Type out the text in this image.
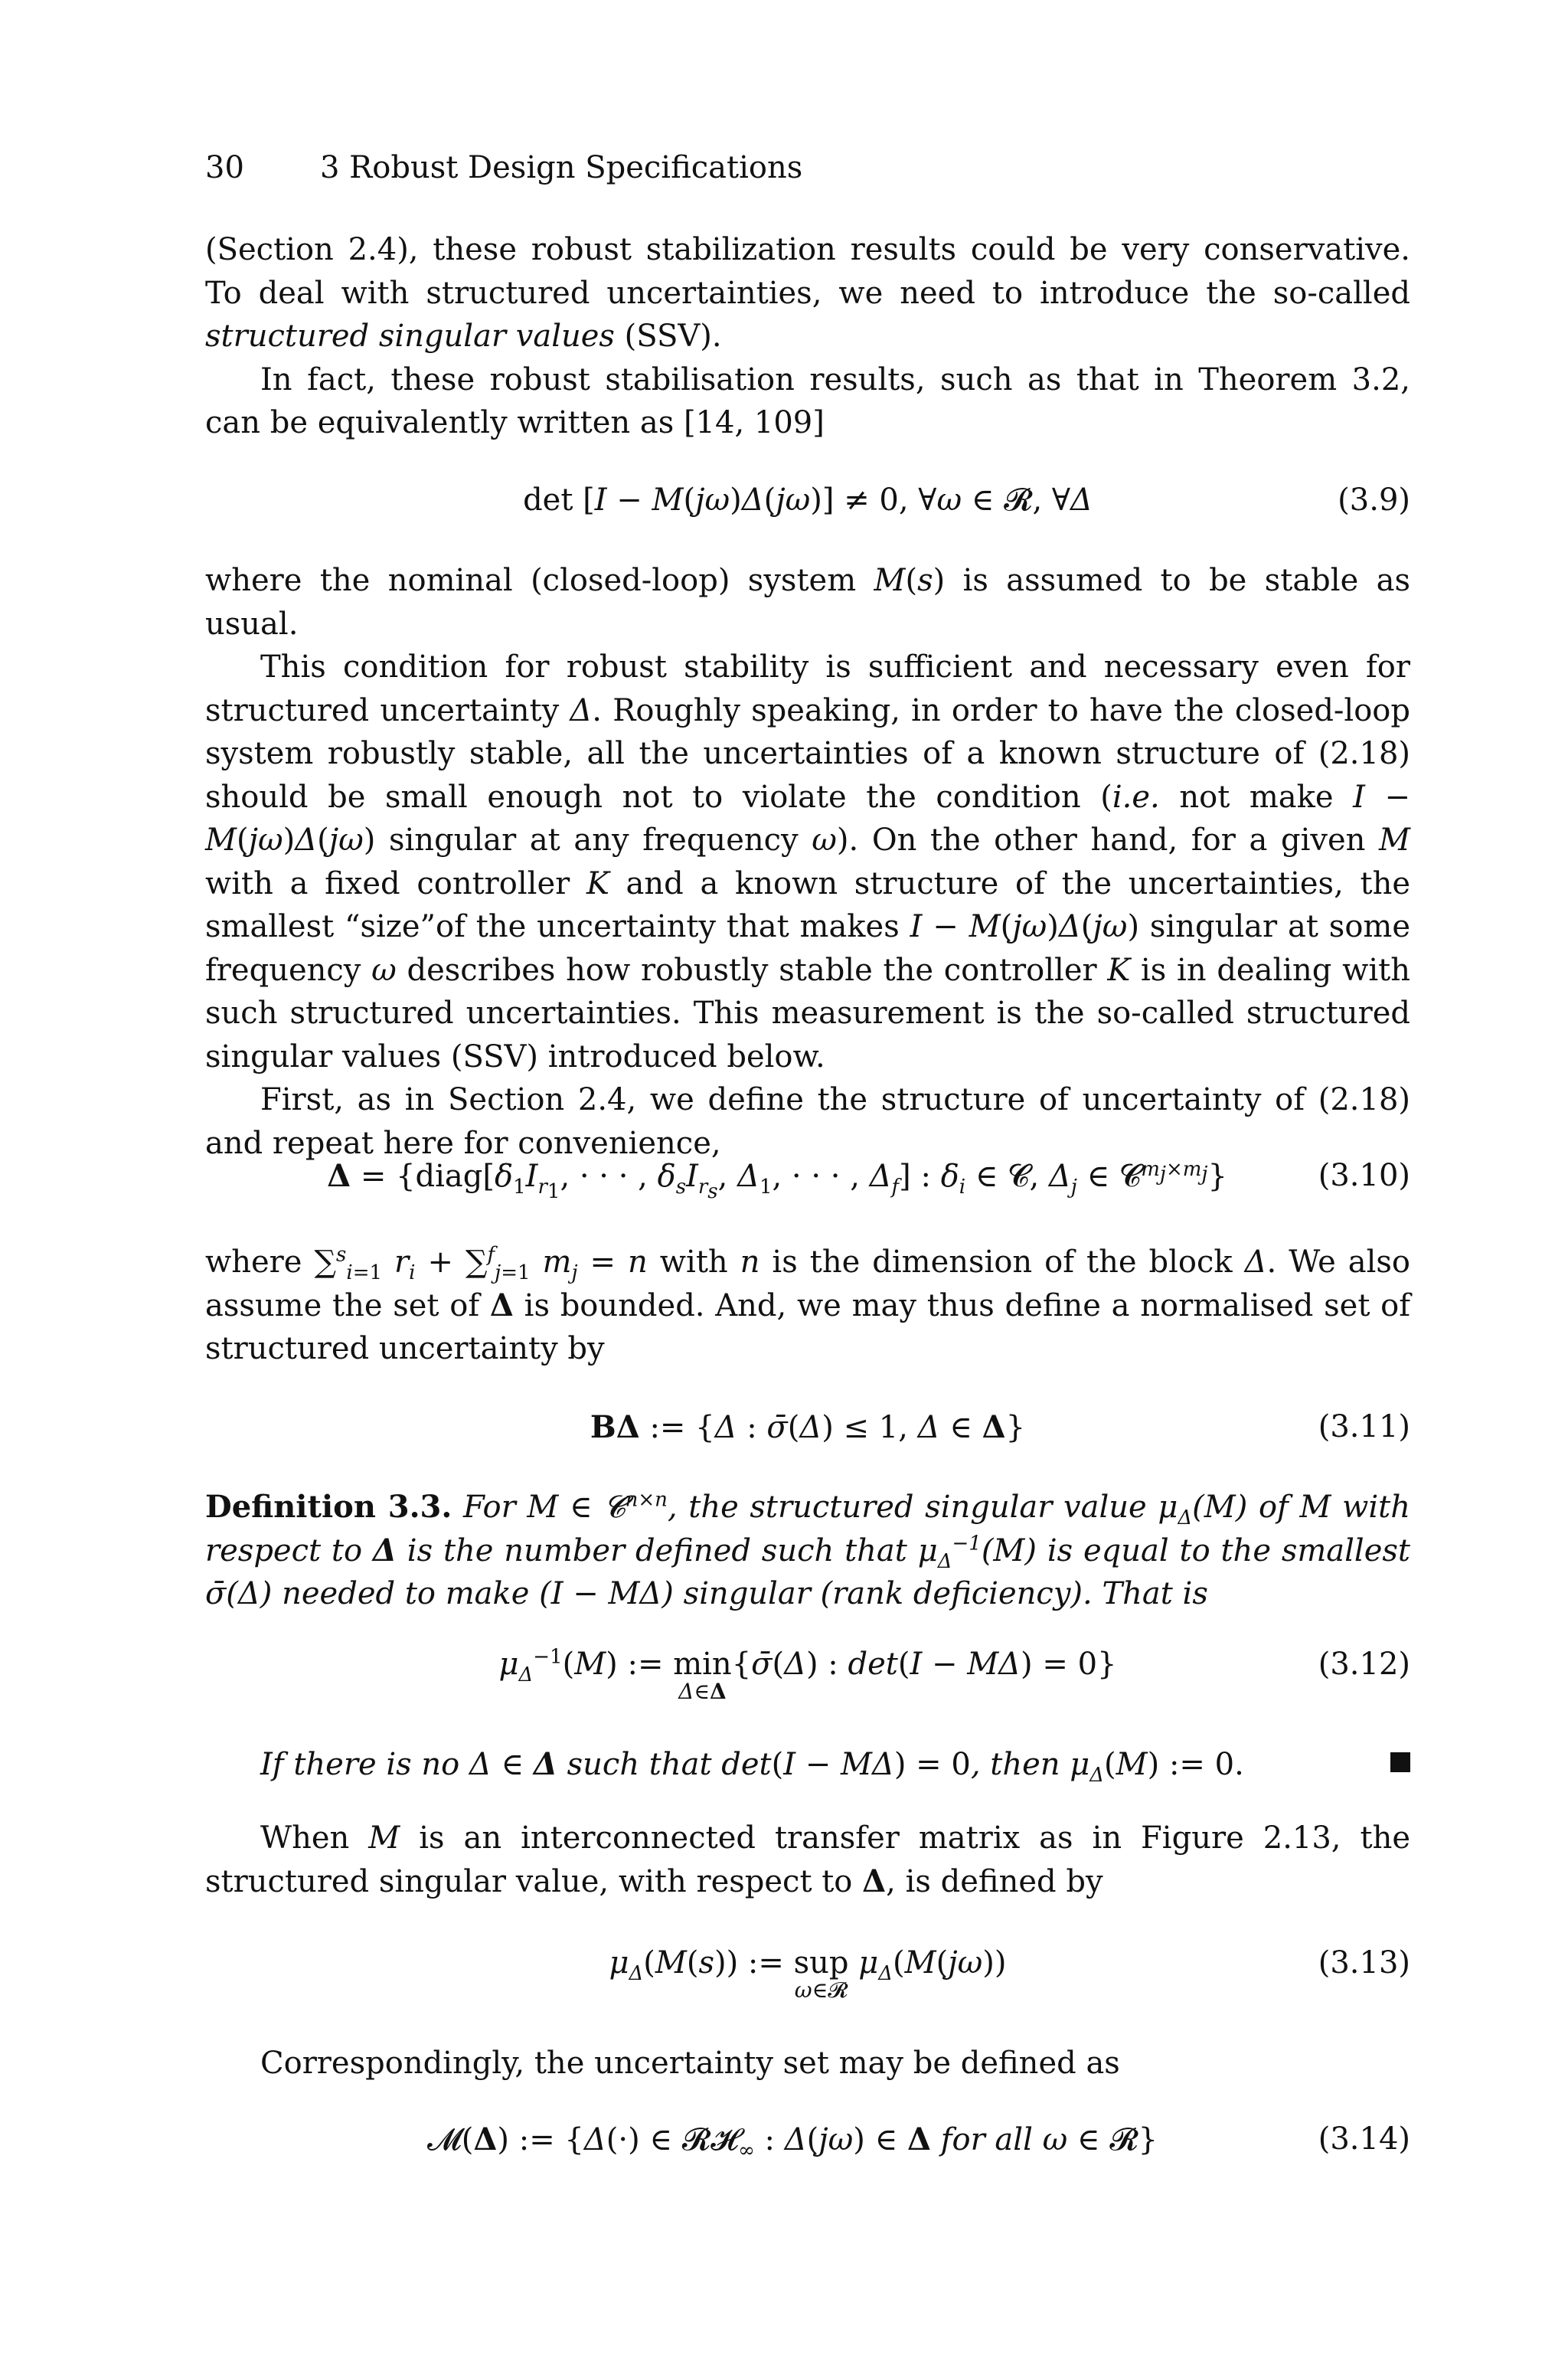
30 3 Robust Design Specifications

(Section 2.4), these robust stabilization results could be very conservative. To deal with structured uncertainties, we need to introduce the so-called structured singular values (SSV).

In fact, these robust stabilisation results, such as that in Theorem 3.2, can be equivalently written as [14, 109]

det [I − M(jω)Δ(jω)] ≠ 0, ∀ω ∈ 𝓡, ∀Δ	(3.9)

where the nominal (closed-loop) system M(s) is assumed to be stable as usual.

This condition for robust stability is sufficient and necessary even for structured uncertainty Δ. Roughly speaking, in order to have the closed-loop system robustly stable, all the uncertainties of a known structure of (2.18) should be small enough not to violate the condition (i.e. not make I − M(jω)Δ(jω) singular at any frequency ω). On the other hand, for a given M with a fixed controller K and a known structure of the uncertainties, the smallest “size”of the uncertainty that makes I − M(jω)Δ(jω) singular at some frequency ω describes how robustly stable the controller K is in dealing with such structured uncertainties. This measurement is the so-called structured singular values (SSV) introduced below.

First, as in Section 2.4, we define the structure of uncertainty of (2.18) and repeat here for convenience,

$\Delta = \{diag[\delta_1I_{r_1}$, · · · , $\delta_sI_{r_s}$, $\Delta_1$, · · · , $\Delta_f$] : $\delta_i$ ∈ 𝓒, $\Delta_j$ ∈ 𝓒$^{m_j\times m_j}$}	(3.10)

where ∑$^s_{i=1}$ $r_i + \sum^f_{j=1}$ $m_j = n$ with n is the dimension of the block Δ. We also assume the set of Δ is bounded. And, we may thus define a normalised set of structured uncertainty by

BΔ := {Δ : σ̄(Δ) ≤ 1, Δ ∈ Δ}	(3.11)

Definition 3.3. For M ∈ 𝓒$^{n\times n}$, the structured singular value $\mu_\Delta(M)$ of M with respect to Δ is the number defined such that $\mu_\Delta^{-1}(M)$ is equal to the smallest σ̄(Δ) needed to make (I − MΔ) singular (rank deficiency). That is

$\mu_\Delta^{-1}(M)$ := min
Δ∈Δ
{σ̄(Δ) : det(I − MΔ) = 0}	(3.12)
If there is no Δ ∈ Δ such that det(I − MΔ) = 0, then $\mu_\Delta(M)$ := 0.

When M is an interconnected transfer matrix as in Figure 2.13, the structured singular value, with respect to Δ, is defined by

$\mu_\Delta(M(s))$ := sup
ω∈𝓡
$\mu_\Delta(M(j\omega))$	(3.13)

Correspondingly, the uncertainty set may be defined as

𝓜(Δ) := {Δ(·) ∈ 𝓡𝓗$_\infty$ : Δ(jω) ∈ Δ for all ω ∈ 𝓡}	(3.14)
